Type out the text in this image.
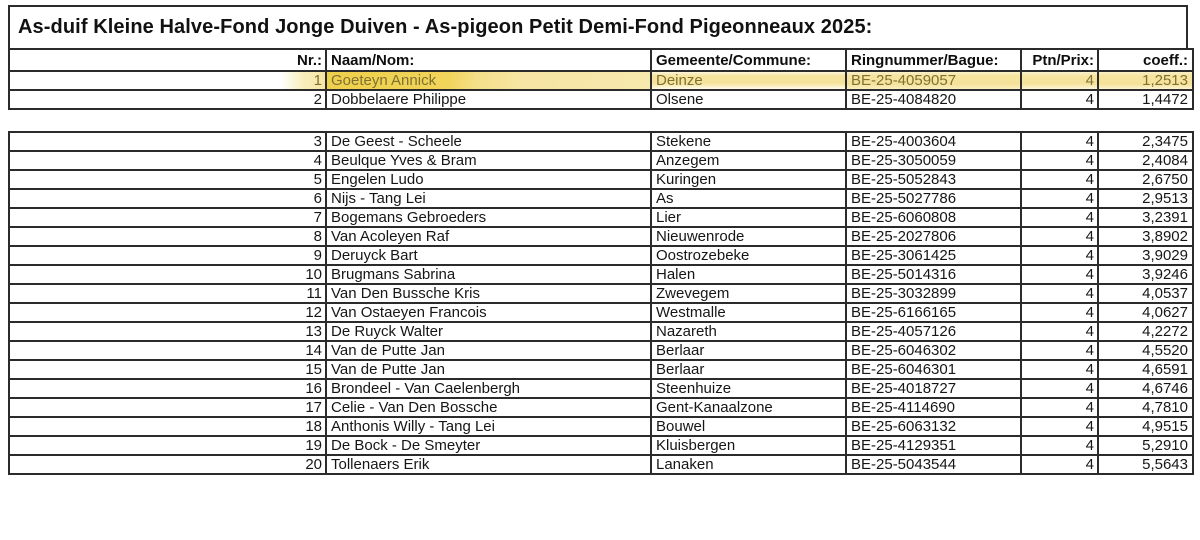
As-duif Kleine Halve-Fond Jonge Duiven - As-pigeon Petit Demi-Fond Pigeonneaux 2025:
Nr.:	Naam/Nom:	Gemeente/Commune:	Ringnummer/Bague:	Ptn/Prix:	coeff.:
1	Goeteyn Annick	Deinze	BE-25-4059057	4	1,2513
2	Dobbelaere Philippe	Olsene	BE-25-4084820	4	1,4472
3	De Geest - Scheele	Stekene	BE-25-4003604	4	2,3475
4	Beulque Yves & Bram	Anzegem	BE-25-3050059	4	2,4084
5	Engelen Ludo	Kuringen	BE-25-5052843	4	2,6750
6	Nijs - Tang Lei	As	BE-25-5027786	4	2,9513
7	Bogemans Gebroeders	Lier	BE-25-6060808	4	3,2391
8	Van Acoleyen Raf	Nieuwenrode	BE-25-2027806	4	3,8902
9	Deruyck Bart	Oostrozebeke	BE-25-3061425	4	3,9029
10	Brugmans Sabrina	Halen	BE-25-5014316	4	3,9246
11	Van Den Bussche Kris	Zwevegem	BE-25-3032899	4	4,0537
12	Van Ostaeyen Francois	Westmalle	BE-25-6166165	4	4,0627
13	De Ruyck Walter	Nazareth	BE-25-4057126	4	4,2272
14	Van de Putte Jan	Berlaar	BE-25-6046302	4	4,5520
15	Van de Putte Jan	Berlaar	BE-25-6046301	4	4,6591
16	Brondeel - Van Caelenbergh	Steenhuize	BE-25-4018727	4	4,6746
17	Celie - Van Den Bossche	Gent-Kanaalzone	BE-25-4114690	4	4,7810
18	Anthonis Willy - Tang Lei	Bouwel	BE-25-6063132	4	4,9515
19	De Bock - De Smeyter	Kluisbergen	BE-25-4129351	4	5,2910
20	Tollenaers Erik	Lanaken	BE-25-5043544	4	5,5643
